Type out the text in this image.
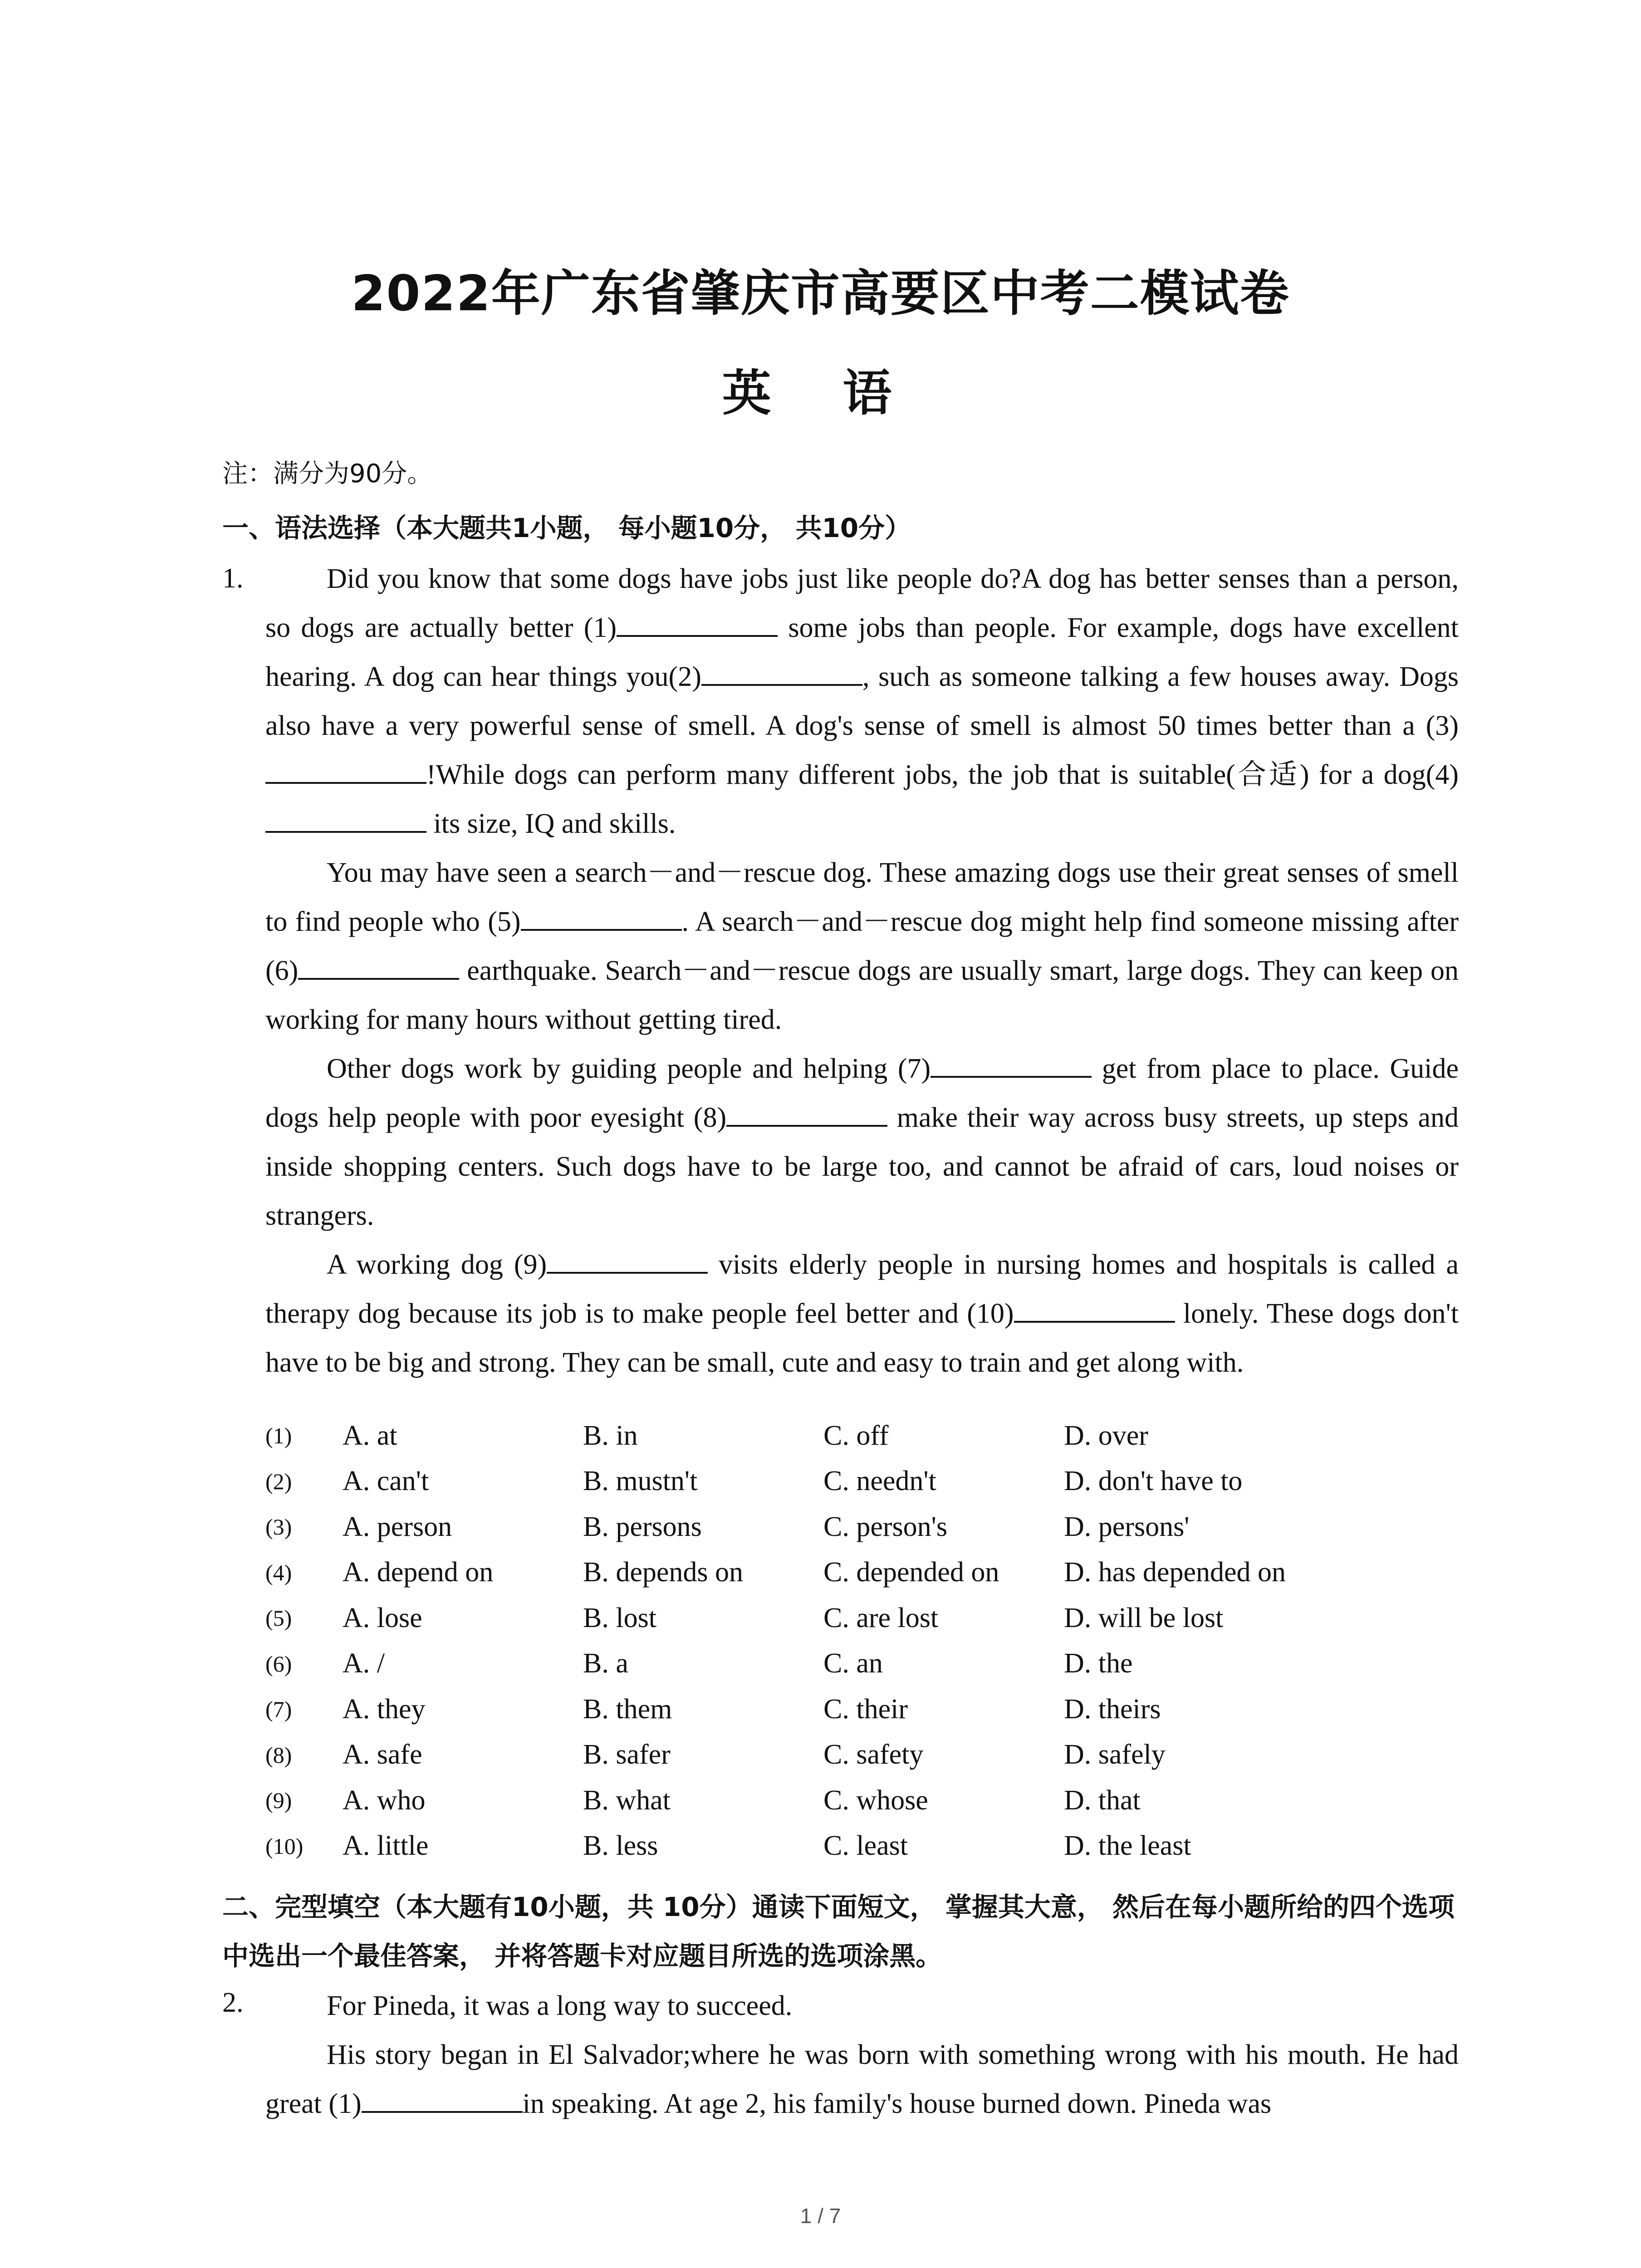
2022年广东省肇庆市高要区中考二模试卷
英 语
注：满分为90分。
一、语法选择（本大题共1小题， 每小题10分， 共10分）
1.	Did you know that some dogs have jobs just like people do?A dog has better senses than a person, so dogs are actually better (1)	some jobs than people. For example, dogs have excellent hearing. A dog can hear things you(2)	, such as someone talking a few houses away. Dogs also have a very powerful sense of smell. A dog's sense of smell is almost 50 times better than a (3)!While dogs can perform many different jobs, the job that is suitable(合适) for a dog(4) its size, IQ and skills.

You may have seen a search－and－rescue dog. These amazing dogs use their great senses of smell to find people who (5)	. A search－and－rescue dog might help find someone missing after (6)	earthquake. Search－and－rescue dogs are usually smart, large dogs. They can keep on working for many hours without getting tired.

Other dogs work by guiding people and helping (7)	get from place to place. Guide dogs help people with poor eyesight (8)	make their way across busy streets, up steps and inside shopping centers. Such dogs have to be large too, and cannot be afraid of cars, loud noises or strangers.

A working dog (9)	visits elderly people in nursing homes and hospitals is called a therapy dog because its job is to make people feel better and (10)	lonely. These dogs don't have to be big and strong. They can be small, cute and easy to train and get along with.

(1)	A. at	B. in	C. off	D. over
(2)	A. can't	B. mustn't	C. needn't	D. don't have to
(3)	A. person	B. persons	C. person's	D. persons'
(4)	A. depend on	B. depends on	C. depended on	D. has depended on
(5)	A. lose	B. lost	C. are lost	D. will be lost
(6)	A. /	B. a	C. an	D. the
(7)	A. they	B. them	C. their	D. theirs
(8)	A. safe	B. safer	C. safety	D. safely
(9)	A. who	B. what	C. whose	D. that
(10)	A. little	B. less	C. least	D. the least
二、完型填空（本大题有10小题，共 10分）通读下面短文， 掌握其大意， 然后在每小题所给的四个选项中选出一个最佳答案， 并将答题卡对应题目所选的选项涂黑。
2.	For Pineda, it was a long way to succeed.

His story began in El Salvador;where he was born with something wrong with his mouth. He had great (1)	in speaking. At age 2, his family's house burned down. Pineda was

1 / 7
